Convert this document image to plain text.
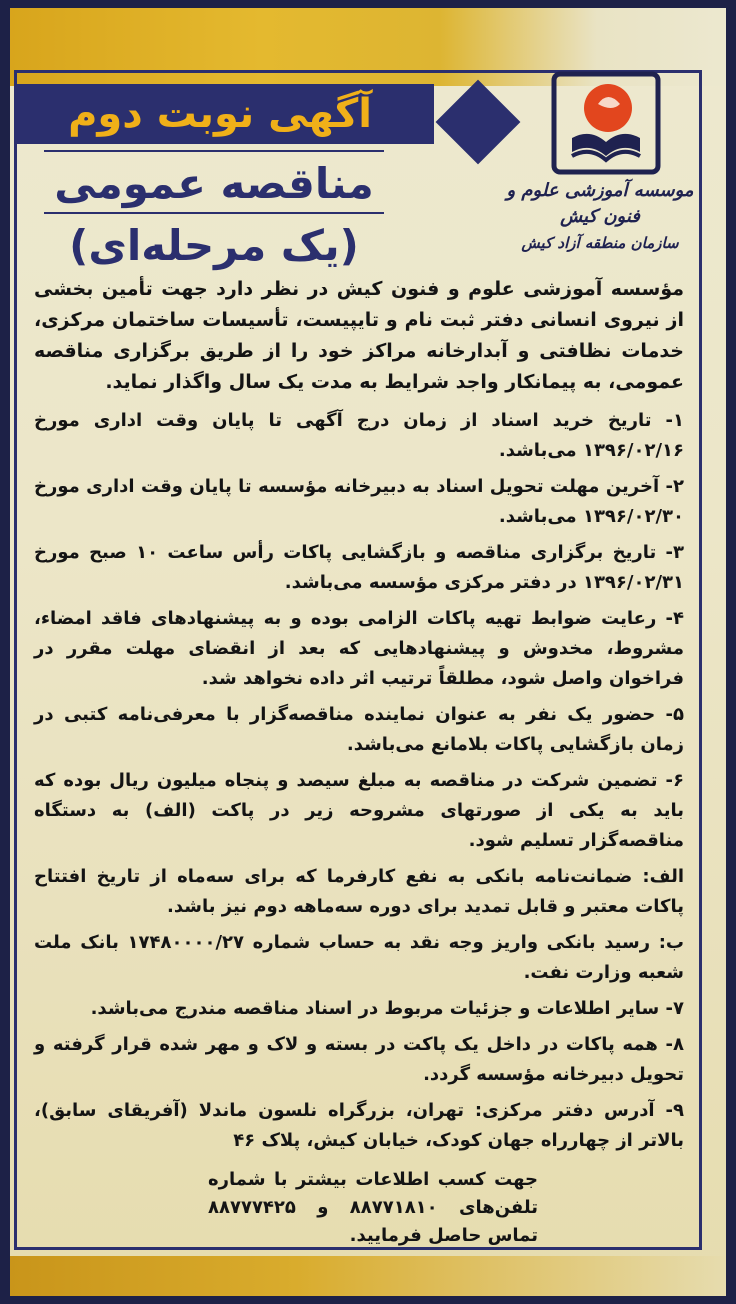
آگهی نوبت دوم
مناقصه عمومی
(یک مرحله‌ای)
موسسه آموزشی علوم و فنون کیش
سازمان منطقه آزاد کیش

مؤسسه آموزشی علوم و فنون کیش در نظر دارد جهت تأمین بخشی از نیروی انسانی دفتر ثبت نام و تایپیست، تأسیسات ساختمان مرکزی، خدمات نظافتی و آبدارخانه مراکز خود را از طریق برگزاری مناقصه عمومی، به پیمانکار واجد شرایط به مدت یک سال واگذار نماید.

۱- تاریخ خرید اسناد از زمان درج آگهی تا پایان وقت اداری مورخ ۱۳۹۶/۰۲/۱۶ می‌باشد.

۲- آخرین مهلت تحویل اسناد به دبیرخانه مؤسسه تا پایان وقت اداری مورخ ۱۳۹۶/۰۲/۳۰ می‌باشد.

۳- تاریخ برگزاری مناقصه و بازگشایی پاکات رأس ساعت ۱۰ صبح مورخ ۱۳۹۶/۰۲/۳۱ در دفتر مرکزی مؤسسه می‌باشد.

۴- رعایت ضوابط تهیه پاکات الزامی بوده و به پیشنهادهای فاقد امضاء، مشروط، مخدوش و پیشنهادهایی که بعد از انقضای مهلت مقرر در فراخوان واصل شود، مطلقاً ترتیب اثر داده نخواهد شد.

۵- حضور یک نفر به عنوان نماینده مناقصه‌گزار با معرفی‌نامه کتبی در زمان بازگشایی پاکات بلامانع می‌باشد.

۶- تضمین شرکت در مناقصه به مبلغ سیصد و پنجاه میلیون ریال بوده که باید به یکی از صورتهای مشروحه زیر در پاکت (الف) به دستگاه مناقصه‌گزار تسلیم شود.

الف: ضمانت‌نامه بانکی به نفع کارفرما که برای سه‌ماه از تاریخ افتتاح پاکات معتبر و قابل تمدید برای دوره سه‌ماهه دوم نیز باشد.

ب: رسید بانکی واریز وجه نقد به حساب شماره ۱۷۴۸۰۰۰۰/۲۷ بانک ملت شعبه وزارت نفت.

۷- سایر اطلاعات و جزئیات مربوط در اسناد مناقصه مندرج می‌باشد.

۸- همه پاکات در داخل یک پاکت در بسته و لاک و مهر شده قرار گرفته و تحویل دبیرخانه مؤسسه گردد.

۹- آدرس دفتر مرکزی: تهران، بزرگراه نلسون ماندلا (آفریقای سابق)، بالاتر از چهارراه جهان کودک، خیابان کیش، پلاک ۴۶

جهت کسب اطلاعات بیشتر با شماره تلفن‌های ۸۸۷۷۱۸۱۰ و ۸۸۷۷۷۴۲۵ تماس حاصل فرمایید.
